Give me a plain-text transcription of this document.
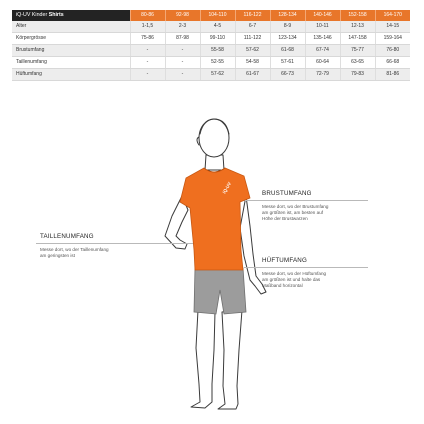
iQ-UV Kinder Shirts	80-86	92-98	104-110	116-122	128-134	140-146	152-158	164-170
Alter	1-1,5	2-3	4-5	6-7	8-9	10-11	12-13	14-15
Körpergrösse	75-86	87-98	99-110	111-122	123-134	135-146	147-158	159-164
Brustumfang	-	-	55-58	57-62	61-68	67-74	75-77	76-80
Taillenumfang	-	-	52-55	54-58	57-61	60-64	63-65	66-68
Hüftumfang	-	-	57-62	61-67	66-73	72-79	79-83	81-86
iQ-UV	BRUSTUMFANG
Messe dort, wo der Brustumfang
am größten ist, am besten auf
Höhe der Brustwarzen
TAILLENUMFANG
Messe dort, wo der Taillenumfang
am geringsten ist
HÜFTUMFANG
Messe dort, wo der Hüftumfang
am größten ist und halte das
Maßband horizontal
